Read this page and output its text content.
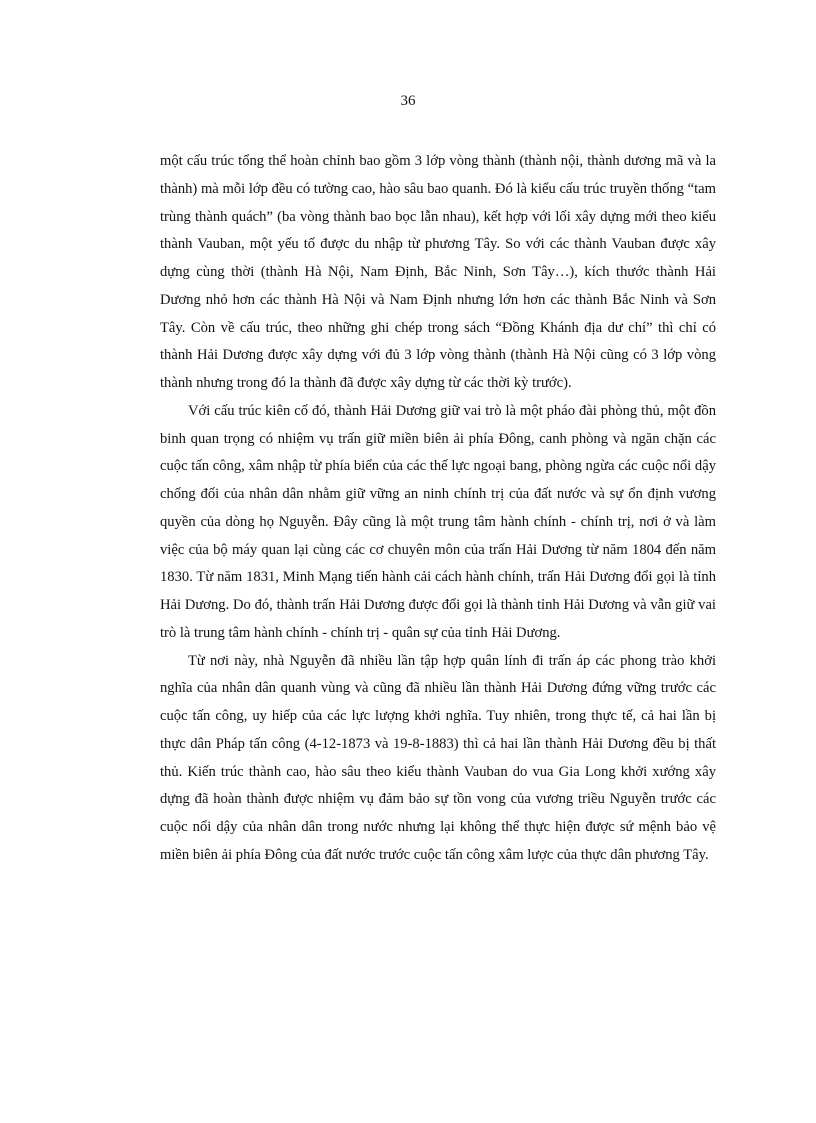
36

một cấu trúc tổng thể hoàn chỉnh bao gồm 3 lớp vòng thành (thành nội, thành dương mã và la thành) mà mỗi lớp đều có tường cao, hào sâu bao quanh. Đó là kiểu cấu trúc truyền thống “tam trùng thành quách” (ba vòng thành bao bọc lẫn nhau), kết hợp với lối xây dựng mới theo kiểu thành Vauban, một yếu tố được du nhập từ phương Tây. So với các thành Vauban được xây dựng cùng thời (thành Hà Nội, Nam Định, Bắc Ninh, Sơn Tây…), kích thước thành Hải Dương nhỏ hơn các thành Hà Nội và Nam Định nhưng lớn hơn các thành Bắc Ninh và Sơn Tây. Còn về cấu trúc, theo những ghi chép trong sách “Đồng Khánh địa dư chí” thì chỉ có thành Hải Dương được xây dựng với đủ 3 lớp vòng thành (thành Hà Nội cũng có 3 lớp vòng thành nhưng trong đó la thành đã được xây dựng từ các thời kỳ trước).

Với cấu trúc kiên cố đó, thành Hải Dương giữ vai trò là một pháo đài phòng thủ, một đồn binh quan trọng có nhiệm vụ trấn giữ miền biên ải phía Đông, canh phòng và ngăn chặn các cuộc tấn công, xâm nhập từ phía biển của các thế lực ngoại bang, phòng ngừa các cuộc nổi dậy chống đối của nhân dân nhằm giữ vững an ninh chính trị của đất nước và sự ổn định vương quyền của dòng họ Nguyễn. Đây cũng là một trung tâm hành chính - chính trị, nơi ở và làm việc của bộ máy quan lại cùng các cơ chuyên môn của trấn Hải Dương từ năm 1804 đến năm 1830. Từ năm 1831, Minh Mạng tiến hành cải cách hành chính, trấn Hải Dương đổi gọi là tỉnh Hải Dương. Do đó, thành trấn Hải Dương được đổi gọi là thành tỉnh Hải Dương và vẫn giữ vai trò là trung tâm hành chính - chính trị - quân sự của tỉnh Hải Dương.

Từ nơi này, nhà Nguyễn đã nhiều lần tập hợp quân lính đi trấn áp các phong trào khởi nghĩa của nhân dân quanh vùng và cũng đã nhiều lần thành Hải Dương đứng vững trước các cuộc tấn công, uy hiếp của các lực lượng khởi nghĩa. Tuy nhiên, trong thực tế, cả hai lần bị thực dân Pháp tấn công (4-12-1873 và 19-8-1883) thì cả hai lần thành Hải Dương đều bị thất thủ. Kiến trúc thành cao, hào sâu theo kiểu thành Vauban do vua Gia Long khởi xướng xây dựng đã hoàn thành được nhiệm vụ đảm bảo sự tồn vong của vương triều Nguyễn trước các cuộc nổi dậy của nhân dân trong nước nhưng lại không thể thực hiện được sứ mệnh bảo vệ miền biên ải phía Đông của đất nước trước cuộc tấn công xâm lược của thực dân phương Tây.
